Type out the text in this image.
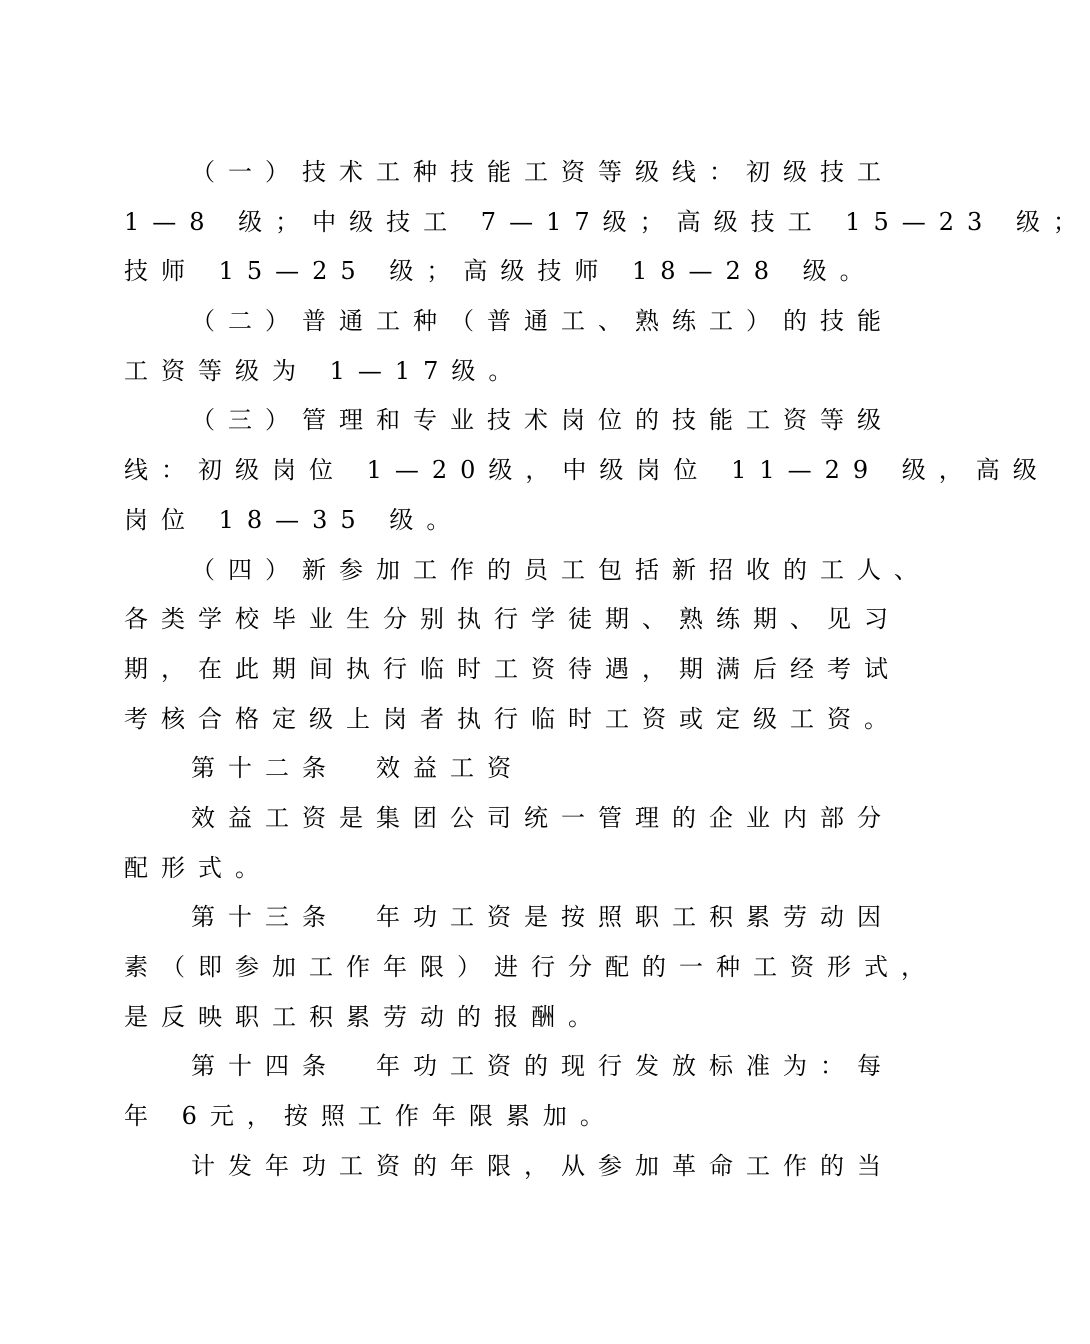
（一）技术工种技能工资等级线：初级技工
1—8 级；中级技工 7—17级；高级技工 15—23 级；
技师 15—25 级；高级技师 18—28 级。
（二）普通工种（普通工、熟练工）的技能
工资等级为 1—17级。
（三）管理和专业技术岗位的技能工资等级
线：初级岗位 1—20级，中级岗位 11—29 级，高级
岗位 18—35 级。
（四）新参加工作的员工包括新招收的工人、
各类学校毕业生分别执行学徒期、熟练期、见习
期，在此期间执行临时工资待遇，期满后经考试
考核合格定级上岗者执行临时工资或定级工资。
第十二条　效益工资
效益工资是集团公司统一管理的企业内部分
配形式。
第十三条　年功工资是按照职工积累劳动因
素（即参加工作年限）进行分配的一种工资形式，
是反映职工积累劳动的报酬。
第十四条　年功工资的现行发放标准为：每
年 6元，按照工作年限累加。
计发年功工资的年限，从参加革命工作的当
